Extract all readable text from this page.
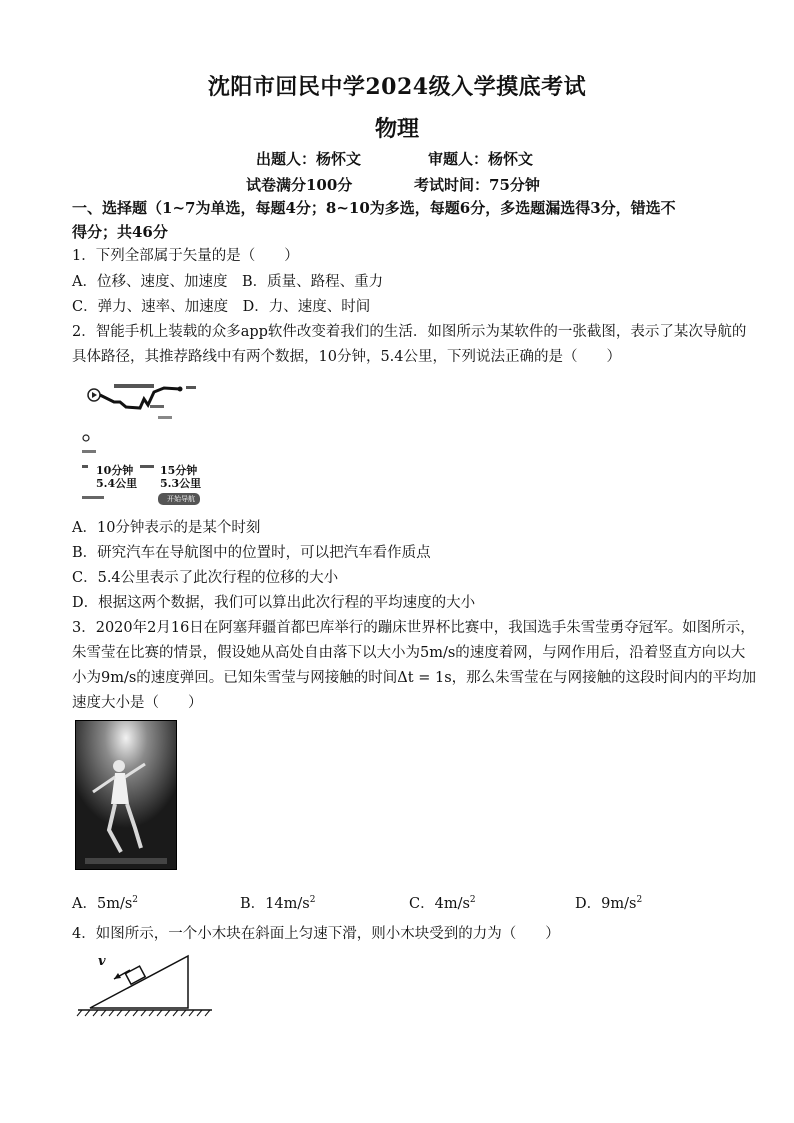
沈阳市回民中学2024级入学摸底考试
物理
出题人：杨怀文	审题人：杨怀文
试卷满分100分	考试时间：75分钟
一、选择题（1~7为单选，每题4分；8~10为多选，每题6分，多选题漏选得3分，错选不
得分；共46分
1．下列全部属于矢量的是（　　）
A．位移、速度、加速度　B．质量、路程、重力
C．弹力、速率、加速度　D．力、速度、时间
2．智能手机上装载的众多app软件改变着我们的生活．如图所示为某软件的一张截图，表示了某次导航的
具体路径，其推荐路线中有两个数据，10分钟，5.4公里，下列说法正确的是（　　）
10分钟
5.4公里
15分钟
5.3公里
开始导航
A．10分钟表示的是某个时刻
B．研究汽车在导航图中的位置时，可以把汽车看作质点
C．5.4公里表示了此次行程的位移的大小
D．根据这两个数据，我们可以算出此次行程的平均速度的大小
3．2020年2月16日在阿塞拜疆首都巴库举行的蹦床世界杯比赛中，我国选手朱雪莹勇夺冠军。如图所示，
朱雪莹在比赛的情景，假设她从高处自由落下以大小为5m/s的速度着网，与网作用后，沿着竖直方向以大
小为9m/s的速度弹回。已知朱雪莹与网接触的时间Δt = 1s，那么朱雪莹在与网接触的这段时间内的平均加
速度大小是（　　）
A．$5m/s^2$	B．$14m/s^2$	C．$4m/s^2$	D．$9m/s^2$
4．如图所示，一个小木块在斜面上匀速下滑，则小木块受到的力为（　　）
v
